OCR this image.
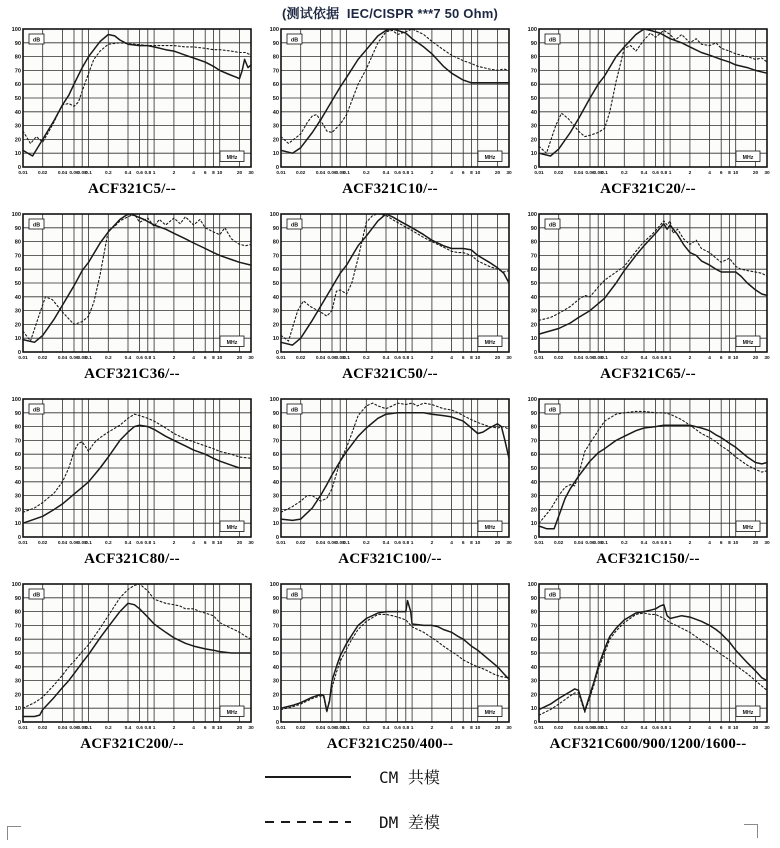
(测试依据  IEC/CISPR ***7 50 Ohm)
0
10
20
30
40
50
60
70
80
90
100
0.01 0.02 0.04 0.06
0.08
0.1	0.2	0.4 0.6 0.8 1	2	4 6 8 10	20 30
dB
MHz
ACF321C5/--
0
10
20
30
40
50
60
70
80
90
100
0.01 0.02 0.04 0.06
0.08
0.1	0.2	0.4 0.6 0.8 1	2	4 6 8 10	20 30
dB
MHz
ACF321C10/--
0
10
20
30
40
50
60
70
80
90
100
0.01 0.02 0.04 0.06
0.08
0.1	0.2	0.4 0.6 0.8 1	2	4 6 8 10	20 30
dB
MHz
ACF321C20/--
0
10
20
30
40
50
60
70
80
90
100
0.01 0.02 0.04 0.06
0.08
0.1	0.2	0.4 0.6 0.8 1	2	4 6 8 10	20 30
dB
MHz
ACF321C36/--
0
10
20
30
40
50
60
70
80
90
100
0.01 0.02 0.04 0.06
0.08
0.1	0.2	0.4 0.6 0.8 1	2	4 6 8 10	20 30
dB
MHz
ACF321C50/--
0
10
20
30
40
50
60
70
80
90
100
0.01 0.02 0.04 0.06
0.08
0.1	0.2	0.4 0.6 0.8 1	2	4 6 8 10	20 30
dB
MHz
ACF321C65/--
0
10
20
30
40
50
60
70
80
90
100
0.01 0.02 0.04 0.06
0.08
0.1	0.2	0.4 0.6 0.8 1	2	4 6 8 10	20 30
dB
MHz
ACF321C80/--
0
10
20
30
40
50
60
70
80
90
100
0.01 0.02 0.04 0.06
0.08
0.1	0.2	0.4 0.6 0.8 1	2	4 6 8 10	20 30
dB
MHz
ACF321C100/--
0
10
20
30
40
50
60
70
80
90
100
0.01 0.02 0.04 0.06
0.08
0.1	0.2	0.4 0.6 0.8 1	2	4 6 8 10	20 30
dB
MHz
ACF321C150/--
0
10
20
30
40
50
60
70
80
90
100
0.01 0.02 0.04 0.06
0.08
0.1	0.2	0.4 0.6 0.8 1	2	4 6 8 10	20 30
dB
MHz
ACF321C200/--
0
10
20
30
40
50
60
70
80
90
100
0.01 0.02 0.04 0.06
0.08
0.1	0.2	0.4 0.6 0.8 1	2	4 6 8 10	20 30
dB
MHz
ACF321C250/400--
0
10
20
30
40
50
60
70
80
90
100
0.01 0.02 0.04 0.06
0.08
0.1	0.2	0.4 0.6 0.8 1	2	4 6 8 10	20 30
dB
MHz
ACF321C600/900/1200/1600--
CM 共模
DM 差模
